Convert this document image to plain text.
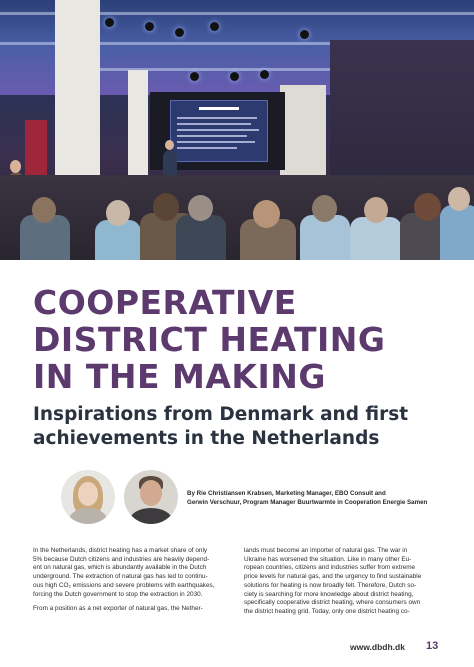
COOPERATIVE
DISTRICT HEATING
IN THE MAKING
Inspirations from Denmark and first
achievements in the Netherlands

By Rie Christiansen Krabsen, Marketing Manager, EBO Consult and
Gerwin Verschuur, Program Manager Buurtwarmte in Cooperation Energie Samen

In the Netherlands, district heating has a market share of only
5% because Dutch citizens and industries are heavily depend-
ent on natural gas, which is abundantly available in the Dutch
underground. The extraction of natural gas has led to continu-
ous high CO₂ emissions and severe problems with earthquakes,
forcing the Dutch government to stop the extraction in 2030.

From a position as a net exporter of natural gas, the Nether-

lands must become an importer of natural gas. The war in
Ukraine has worsened the situation. Like in many other Eu-
ropean countries, citizens and industries suffer from extreme
price levels for natural gas, and the urgency to find sustainable
solutions for heating is now broadly felt. Therefore, Dutch so-
ciety is searching for more knowledge about district heating,
specifically cooperative district heating, where consumers own
the district heating grid. Today, only one district heating co-

www.dbdh.dk 13
